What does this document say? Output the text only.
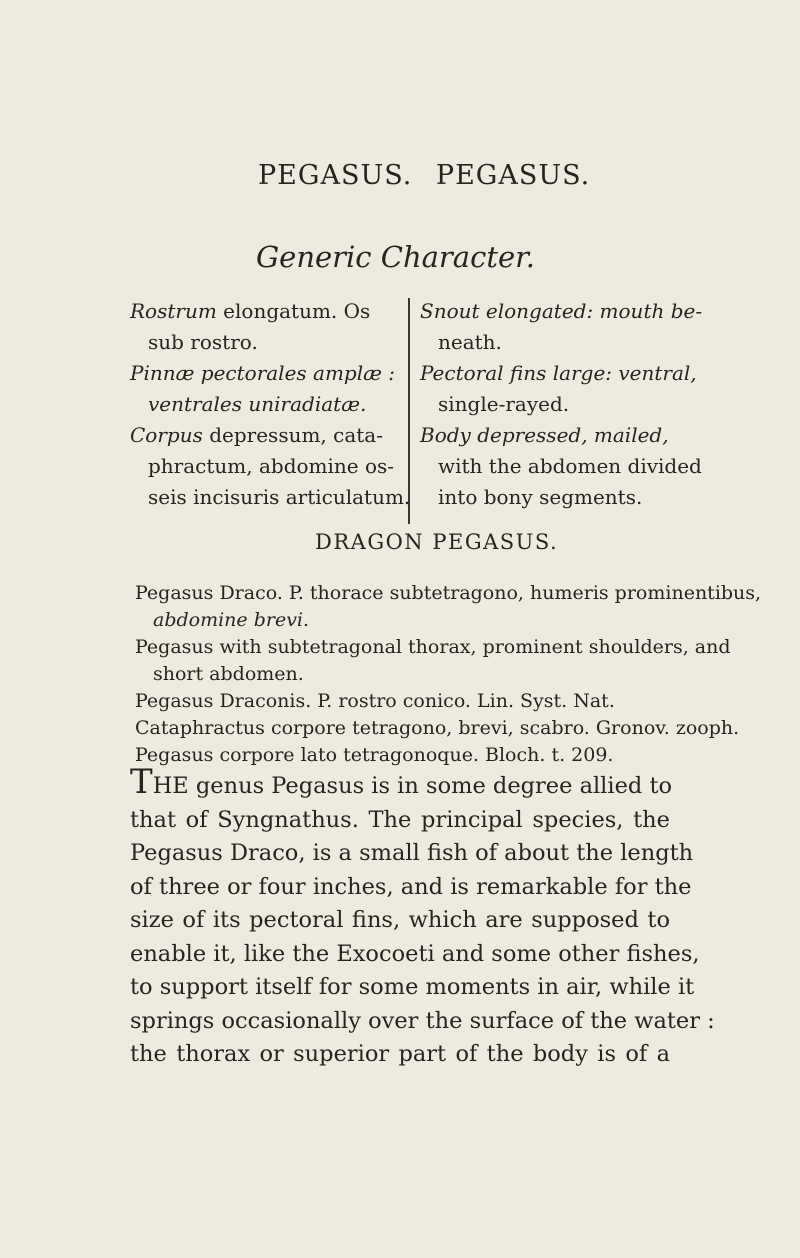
PEGASUS. PEGASUS.
Generic Character.
Rostrum elongatum. Os
sub rostro.
Pinnæ pectorales amplæ :
ventrales uniradiatæ.
Corpus depressum, cata-
phractum, abdomine os-
seis incisuris articulatum.
Snout elongated: mouth be-
neath.
Pectoral fins large: ventral,
single-rayed.
Body depressed, mailed,
with the abdomen divided
into bony segments.
DRAGON PEGASUS.
Pegasus Draco. P. thorace subtetragono, humeris prominentibus,
abdomine brevi.
Pegasus with subtetragonal thorax, prominent shoulders, and
short abdomen.
Pegasus Draconis. P. rostro conico. Lin. Syst. Nat.
Cataphractus corpore tetragono, brevi, scabro. Gronov. zooph.
Pegasus corpore lato tetragonoque. Bloch. t. 209.
THE genus Pegasus is in some degree allied to
that of Syngnathus. The principal species, the
Pegasus Draco, is a small fish of about the length
of three or four inches, and is remarkable for the
size of its pectoral fins, which are supposed to
enable it, like the Exocoeti and some other fishes,
to support itself for some moments in air, while it
springs occasionally over the surface of the water :
the thorax or superior part of the body is of a
